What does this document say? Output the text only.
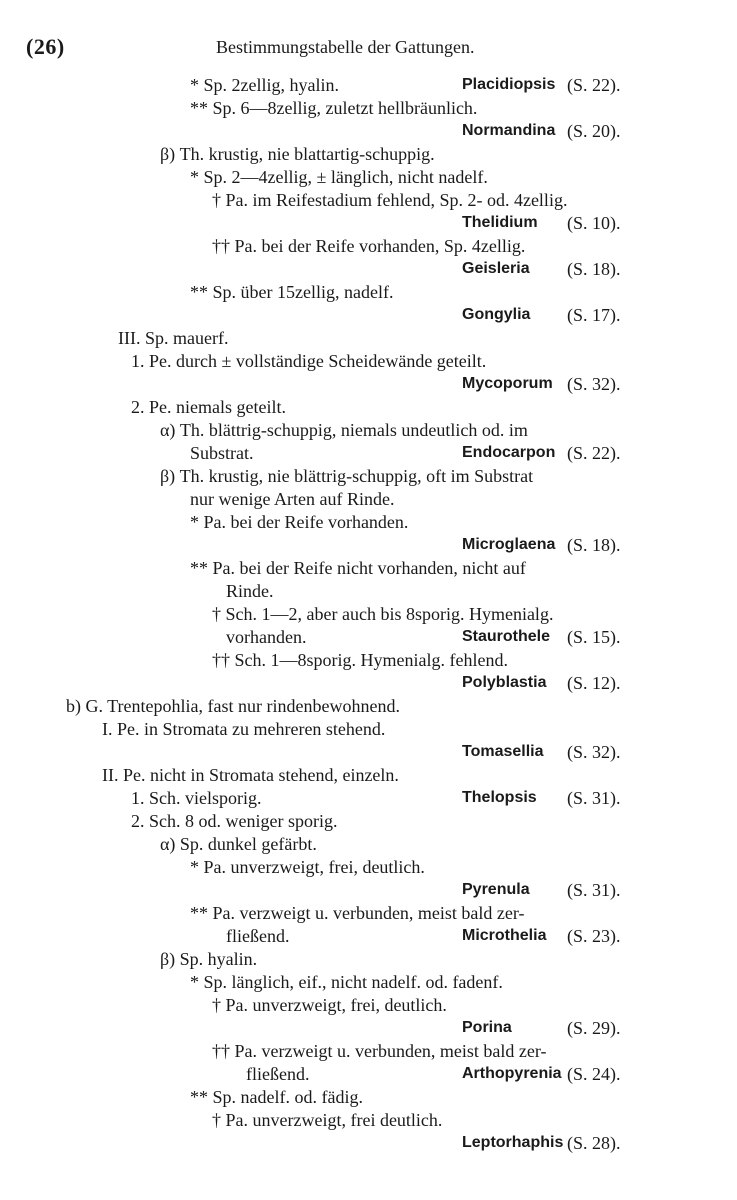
(26)	Bestimmungstabelle der Gattungen.
* Sp. 2zellig, hyalin.	Placidiopsis (S. 22).
** Sp. 6—8zellig, zuletzt hellbräunlich.
Normandina (S. 20).
β) Th. krustig, nie blattartig-schuppig.
* Sp. 2—4zellig, ± länglich, nicht nadelf.
† Pa. im Reifestadium fehlend, Sp. 2- od. 4zellig.
Thelidium (S. 10).
†† Pa. bei der Reife vorhanden, Sp. 4zellig.
Geisleria (S. 18).
** Sp. über 15zellig, nadelf.
Gongylia (S. 17).
III. Sp. mauerf.
1. Pe. durch ± vollständige Scheidewände geteilt.
Mycoporum (S. 32).
2. Pe. niemals geteilt.
α) Th. blättrig-schuppig, niemals undeutlich od. im
Substrat.	Endocarpon (S. 22).
β) Th. krustig, nie blättrig-schuppig, oft im Substrat
nur wenige Arten auf Rinde.
* Pa. bei der Reife vorhanden.
Microglaena (S. 18).
** Pa. bei der Reife nicht vorhanden, nicht auf
Rinde.
† Sch. 1—2, aber auch bis 8sporig. Hymenialg.
vorhanden.	Staurothele (S. 15).
†† Sch. 1—8sporig. Hymenialg. fehlend.
Polyblastia (S. 12).
b) G. Trentepohlia, fast nur rindenbewohnend.
I. Pe. in Stromata zu mehreren stehend.
Tomasellia (S. 32).
II. Pe. nicht in Stromata stehend, einzeln.
1. Sch. vielsporig.	Thelopsis (S. 31).
2. Sch. 8 od. weniger sporig.
α) Sp. dunkel gefärbt.
* Pa. unverzweigt, frei, deutlich.
Pyrenula (S. 31).
** Pa. verzweigt u. verbunden, meist bald zer-
fließend.	Microthelia (S. 23).
β) Sp. hyalin.
* Sp. länglich, eif., nicht nadelf. od. fadenf.
† Pa. unverzweigt, frei, deutlich.
Porina	(S. 29).
†† Pa. verzweigt u. verbunden, meist bald zer-
fließend.	Arthopyrenia (S. 24).
** Sp. nadelf. od. fädig.
† Pa. unverzweigt, frei deutlich.
Leptorhaphis (S. 28).
